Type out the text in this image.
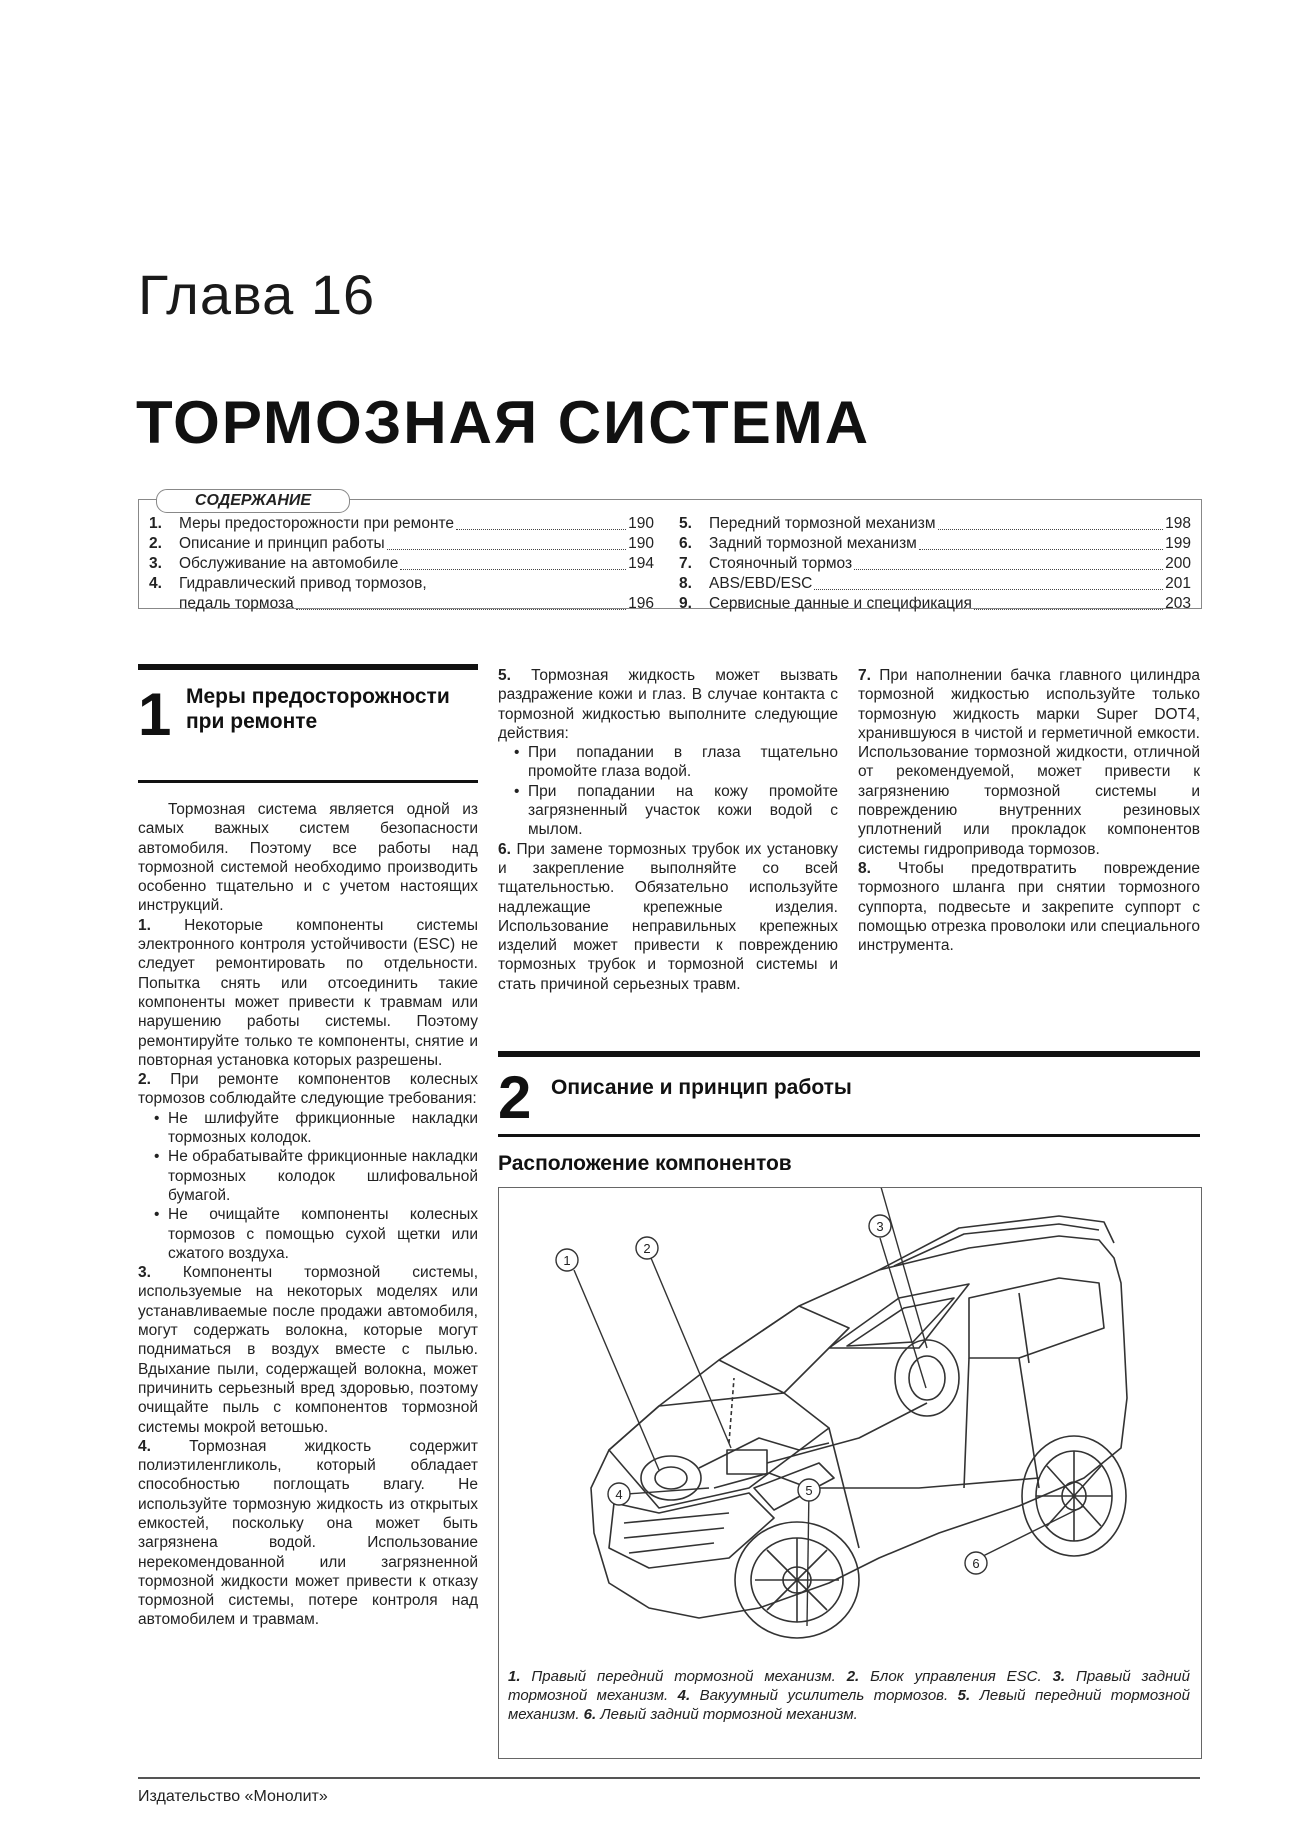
Глава 16
ТОРМОЗНАЯ СИСТЕМА
1.	Меры предосторожности при ремонте	190
2.	Описание и принцип работы	190
3.	Обслуживание на автомобиле	194
4.	Гидравлический привод тормозов,
педаль тормоза	196
5.	Передний тормозной механизм	198
6.	Задний тормозной механизм	199
7.	Стояночный тормоз	200
8.	ABS/EBD/ESC	201
9.	Сервисные данные и спецификация	203
СОДЕРЖАНИЕ
1 Меры предосторожности при ремонте

Тормозная система является одной из самых важных систем безопасности автомобиля. Поэтому все работы над тормозной системой необходимо производить особенно тщательно и с учетом настоящих инструкций.

1. Некоторые компоненты системы электронного контроля устойчивости (ESC) не следует ремонтировать по отдельности. Попытка снять или отсоединить такие компоненты может привести к травмам или нарушению работы системы. Поэтому ремонтируйте только те компоненты, снятие и повторная установка которых разрешены.

2. При ремонте компонентов колесных тормозов соблюдайте следующие требования:

• Не шлифуйте фрикционные накладки тормозных колодок.

• Не обрабатывайте фрикционные накладки тормозных колодок шлифовальной бумагой.

• Не очищайте компоненты колесных тормозов с помощью сухой щетки или сжатого воздуха.

3. Компоненты тормозной системы, используемые на некоторых моделях или устанавливаемые после продажи автомобиля, могут содержать волокна, которые могут подниматься в воздух вместе с пылью. Вдыхание пыли, содержащей волокна, может причинить серьезный вред здоровью, поэтому очищайте пыль с компонентов тормозной системы мокрой ветошью.

4. Тормозная жидкость содержит полиэтиленгликоль, который обладает способностью поглощать влагу. Не используйте тормозную жидкость из открытых емкостей, поскольку она может быть загрязнена водой. Использование нерекомендованной или загрязненной тормозной жидкости может привести к отказу тормозной системы, потере контроля над автомобилем и травмам.

5. Тормозная жидкость может вызвать раздражение кожи и глаз. В случае контакта с тормозной жидкостью выполните следующие действия:

• При попадании в глаза тщательно промойте глаза водой.

• При попадании на кожу промойте загрязненный участок кожи водой с мылом.

6. При замене тормозных трубок их установку и закрепление выполняйте со всей тщательностью. Обязательно используйте надлежащие крепежные изделия. Использование неправильных крепежных изделий может привести к повреждению тормозных трубок и тормозной системы и стать причиной серьезных травм.

7. При наполнении бачка главного цилиндра тормозной жидкостью используйте только тормозную жидкость марки Super DOT4, хранившуюся в чистой и герметичной емкости. Использование тормозной жидкости, отличной от рекомендуемой, может привести к загрязнению тормозной системы и повреждению внутренних резиновых уплотнений или прокладок компонентов системы гидропривода тормозов.

8. Чтобы предотвратить повреждение тормозного шланга при снятии тормозного суппорта, подвесьте и закрепите суппорт с помощью отрезка проволоки или специального инструмента.

2 Описание и принцип работы
Расположение компонентов
1
2
4	5
6
3
1. Правый передний тормозной механизм. 2. Блок управления ESC. 3. Правый задний тормозной механизм. 4. Вакуумный усилитель тормозов. 5. Левый передний тормозной механизм. 6. Левый задний тормозной механизм.
Издательство «Монолит»
